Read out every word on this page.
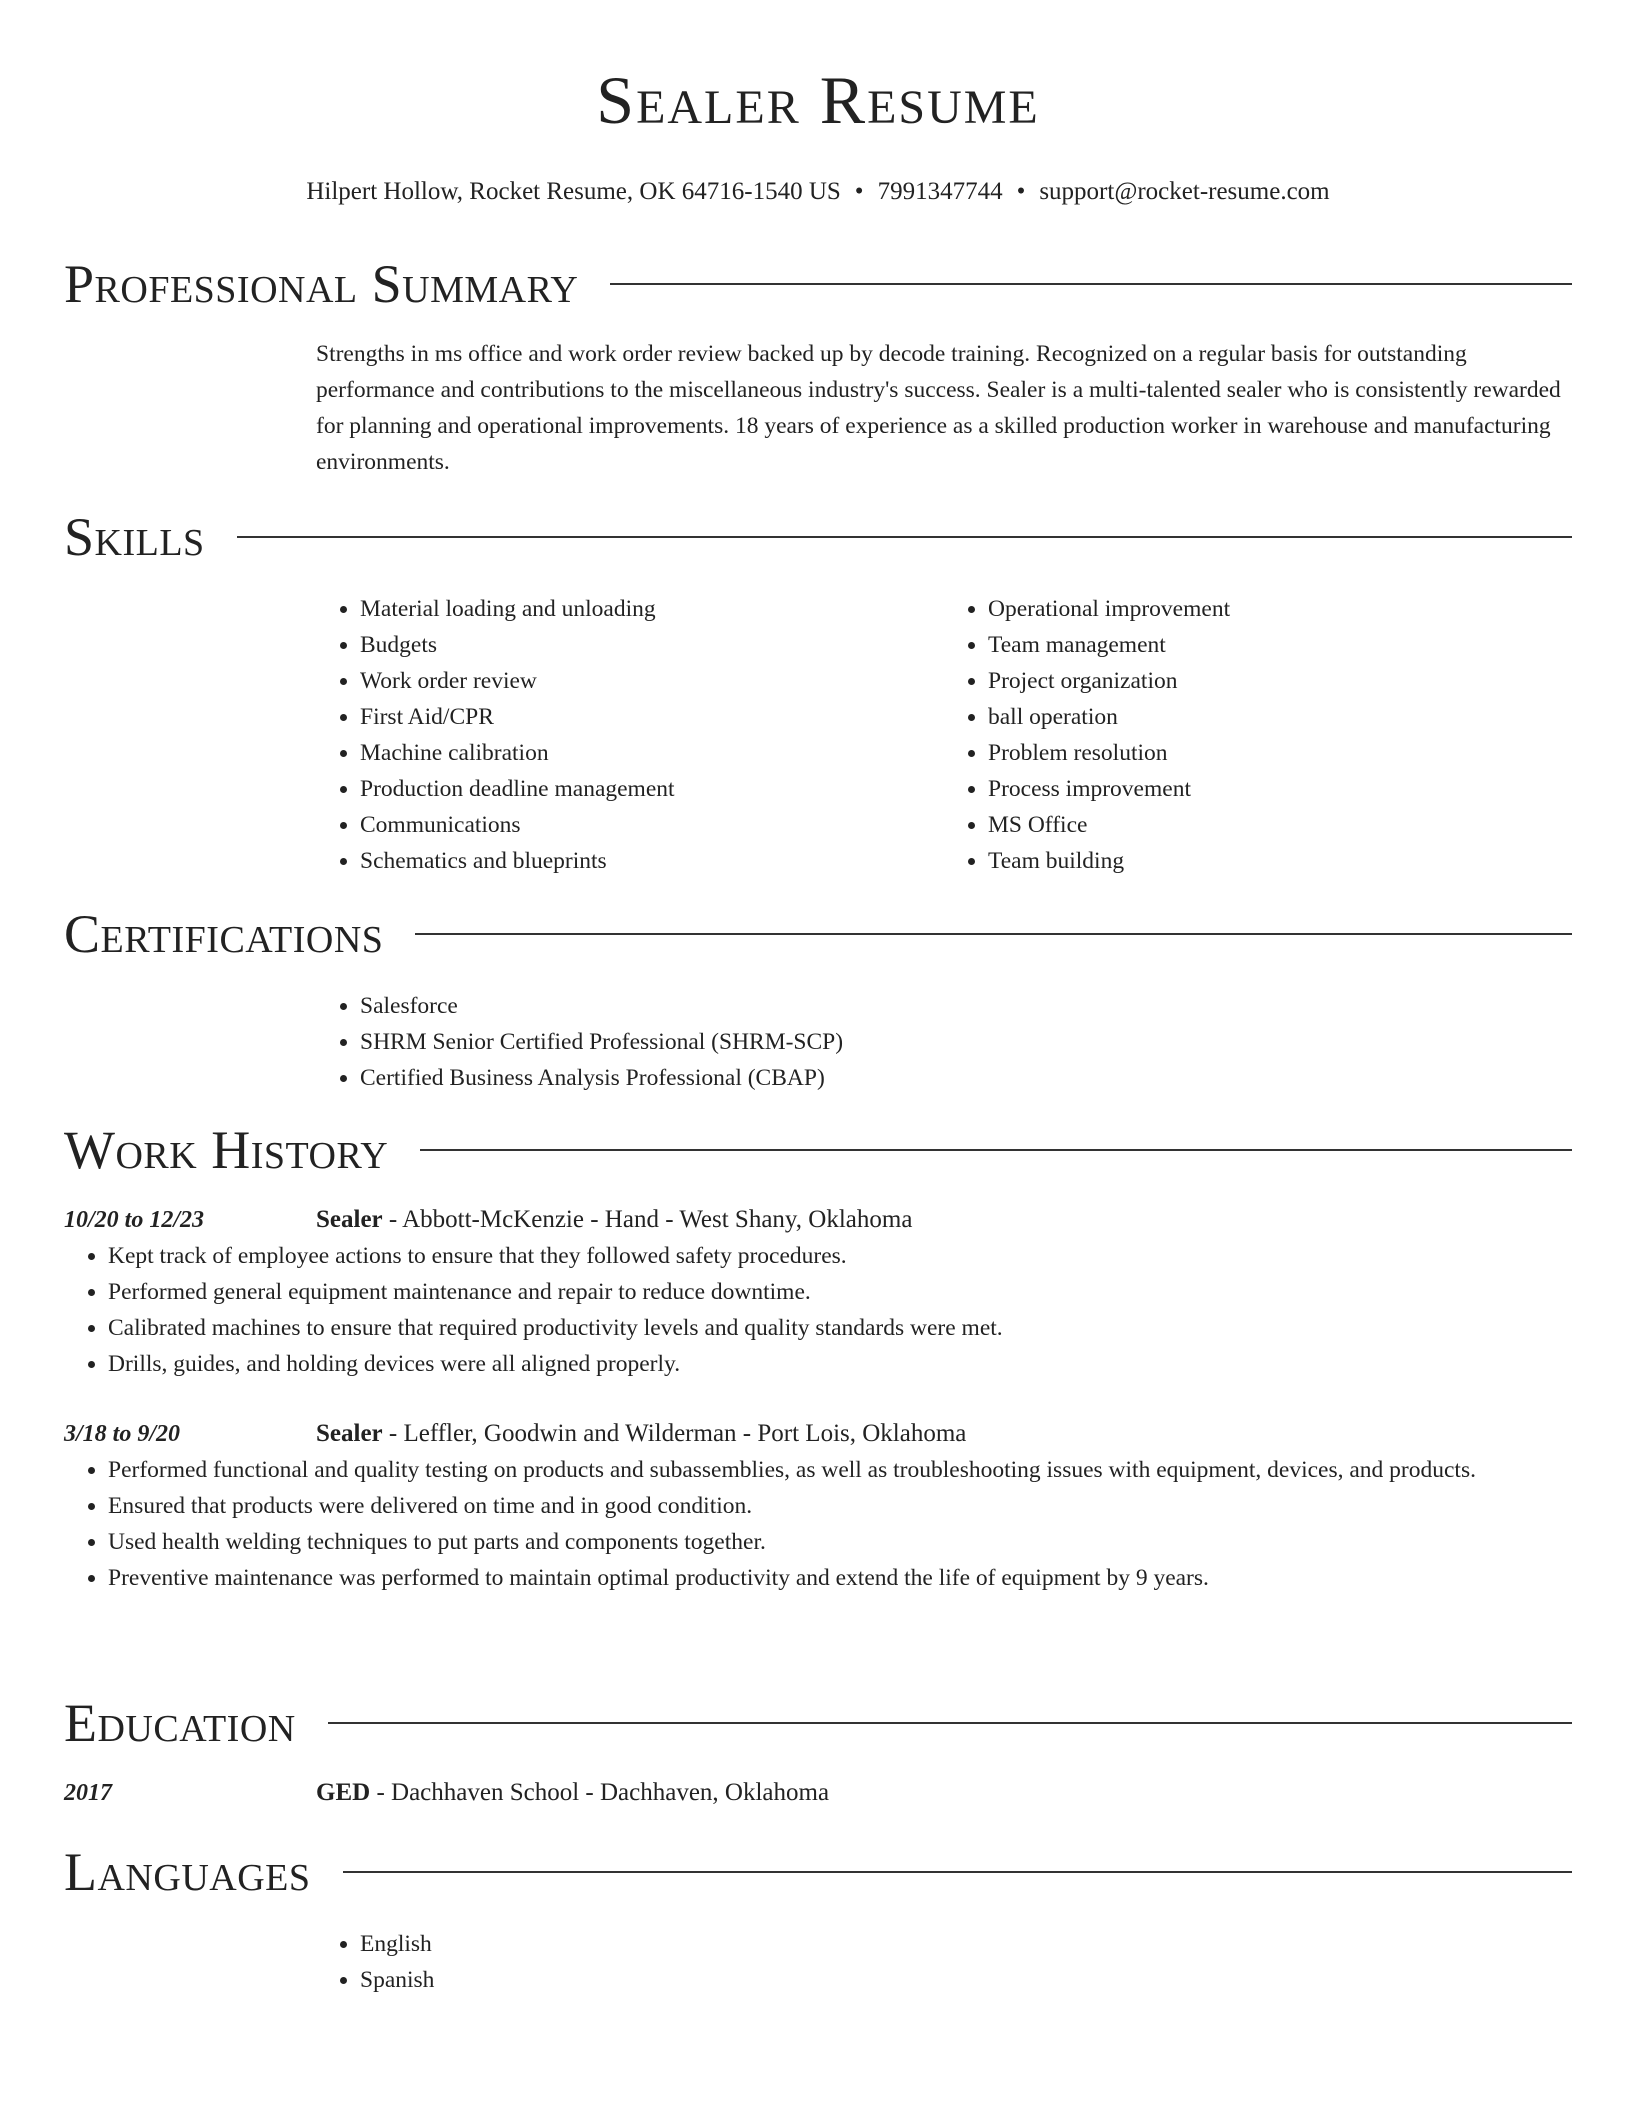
Sealer Resume
Hilpert Hollow, Rocket Resume, OK 64716-1540 US • 7991347744 • support@rocket-resume.com
Professional Summary

Strengths in ms office and work order review backed up by decode training. Recognized on a regular basis for outstanding performance and contributions to the miscellaneous industry's success. Sealer is a multi-talented sealer who is consistently rewarded for planning and operational improvements. 18 years of experience as a skilled production worker in warehouse and manufacturing environments.

Skills
• Material loading and unloading
• Budgets
• Work order review
• First Aid/CPR
• Machine calibration
• Production deadline management
• Communications
• Schematics and blueprints
• Operational improvement
• Team management
• Project organization
• ball operation
• Problem resolution
• Process improvement
• MS Office
• Team building
Certifications
• Salesforce
• SHRM Senior Certified Professional (SHRM-SCP)
• Certified Business Analysis Professional (CBAP)
Work History
10/20 to 12/23	Sealer - Abbott-McKenzie - Hand - West Shany, Oklahoma
• Kept track of employee actions to ensure that they followed safety procedures.
• Performed general equipment maintenance and repair to reduce downtime.
• Calibrated machines to ensure that required productivity levels and quality standards were met.
• Drills, guides, and holding devices were all aligned properly.
3/18 to 9/20	Sealer - Leffler, Goodwin and Wilderman - Port Lois, Oklahoma
• Performed functional and quality testing on products and subassemblies, as well as troubleshooting issues with equipment, devices, and products.
• Ensured that products were delivered on time and in good condition.
• Used health welding techniques to put parts and components together.
• Preventive maintenance was performed to maintain optimal productivity and extend the life of equipment by 9 years.
Education
2017	GED - Dachhaven School - Dachhaven, Oklahoma
Languages
• English
• Spanish
